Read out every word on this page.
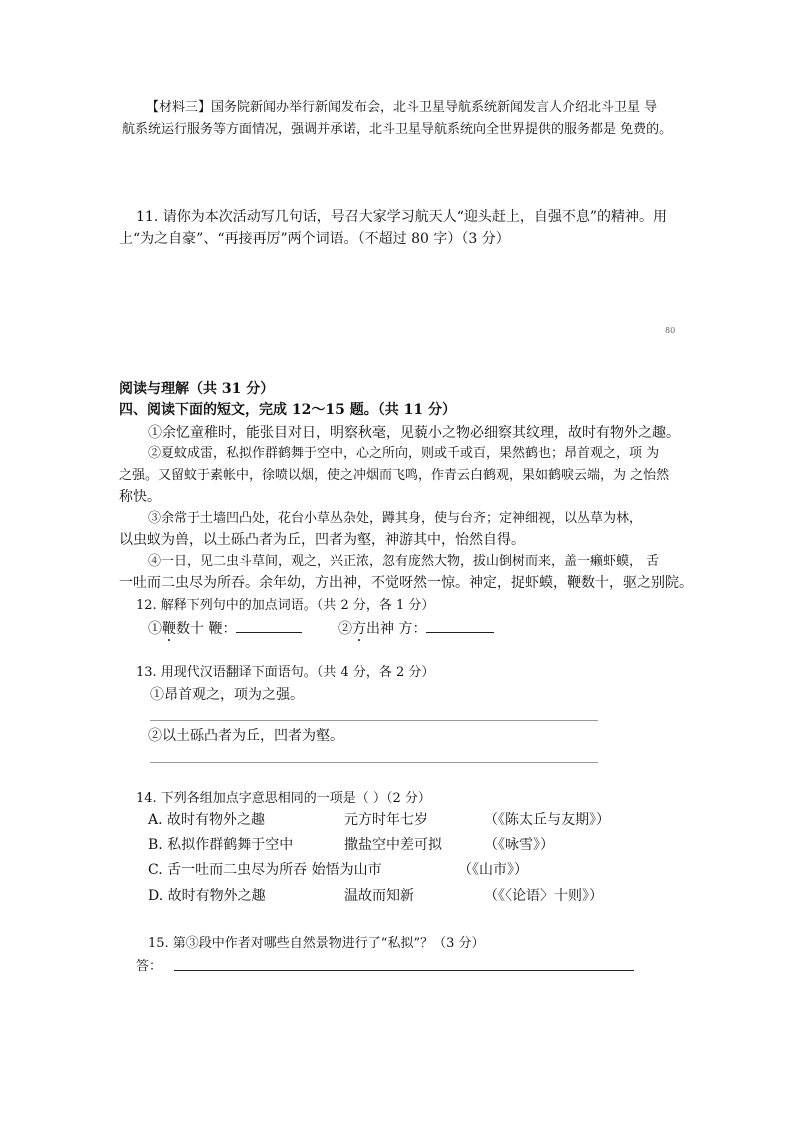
【材料三】国务院新闻办举行新闻发布会，北斗卫星导航系统新闻发言人介绍北斗卫星 导
航系统运行服务等方面情况，强调并承诺，北斗卫星导航系统向全世界提供的服务都是 免费的。
11. 请你为本次活动写几句话，号召大家学习航天人“迎头赶上，自强不息”的精神。用
上“为之自豪”、“再接再厉”两个词语。（不超过 80 字）（3 分）
80
阅读与理解（共 31 分）
四、阅读下面的短文，完成 12～15 题。（共 11 分）
①余忆童稚时，能张目对日，明察秋毫，见藐小之物必细察其纹理，故时有物外之趣。
②夏蚊成雷，私拟作群鹤舞于空中，心之所向，则或千或百，果然鹤也；昂首观之，项 为
之强。又留蚊于素帐中，徐喷以烟，使之冲烟而飞鸣，作青云白鹤观，果如鹤唳云端，为 之怡然
称快。
③余常于土墙凹凸处，花台小草丛杂处，蹲其身，使与台齐；定神细视，以丛草为林，
以虫蚁为兽，以土砾凸者为丘，凹者为壑，神游其中，怡然自得。
④一日，见二虫斗草间，观之，兴正浓，忽有庞然大物，拔山倒树而来，盖一癞虾蟆， 舌
一吐而二虫尽为所吞。余年幼，方出神，不觉呀然一惊。神定，捉虾蟆，鞭数十，驱之别院。
12. 解释下列句中的加点词语。（共 2 分，各 1 分）
①鞭数十 鞭：	②方出神 方：
13. 用现代汉语翻译下面语句。（共 4 分，各 2 分）
①昂首观之，项为之强。
②以土砾凸者为丘，凹者为壑。
14. 下列各组加点字意思相同的一项是（ ）（2 分）
A. 故时有物外之趣	元方时年七岁	（《陈太丘与友期》）
B. 私拟作群鹤舞于空中	撒盐空中差可拟	（《咏雪》）
C. 舌一吐而二虫尽为所吞 始悟为山市	（《山市》）
D. 故时有物外之趣	温故而知新	（《〈论语〉十则》）
15. 第③段中作者对哪些自然景物进行了“私拟”？（3 分）
答：
